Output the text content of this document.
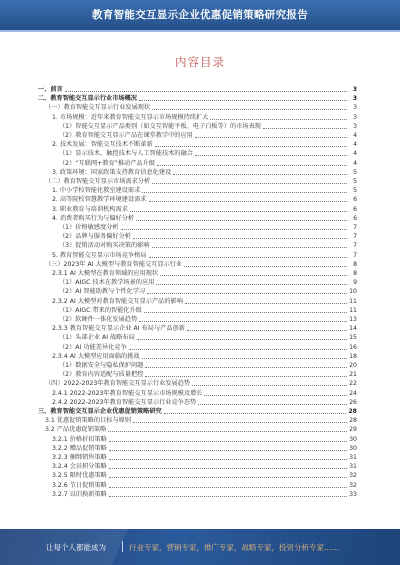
教育智能交互显示企业优惠促销策略研究报告
内容目录
一、前言	3
二、教育智能交互显示行业市场概况	3
（一）教育智能交互显示行业发展现状	3
1. 市场规模：近年来教育智能交互显示市场规模持续扩大	3
（1）智能交互显示产品类别（如交互智能平板、电子白板等）的市场表现	3
（2）教育智能交互显示产品在课堂教学中的应用	4
2. 技术发展：智能交互技术不断革新	4
（1）显示技术、触控技术与人工智能技术的融合	4
（2）“互联网+教育”推动产品升级	4
3. 政策环境：国家政策支持教育信息化建设	5
（二）教育智能交互显示市场需求分析	5
1. 中小学校智能化教室建设需求	5
2. 高等院校智慧教学环境建设需求	6
3. 职业教育与培训机构需求	6
4. 消费者购买行为与偏好分析	6
（1）价格敏感度分析	7
（2）品牌与服务偏好分析	7
（3）促销活动对购买决策的影响	7
5. 教育智能交互显示市场竞争格局	7
（三）2023年 AI 大模型与教育智能交互显示行业	8
2.3.1 AI 大模型在教育领域的应用现状	8
（1）AIGC 技术在教学场景的应用	9
（2）AI 智能助教与个性化学习	10
2.3.2 AI 大模型对教育智能交互显示产品的影响	11
（1）AIGC 带来的智能化升级	11
（2）软硬件一体化发展趋势	13
2.3.3 教育智能交互显示企业 AI 布局与产品创新	14
（1）头部企业 AI 战略布局	15
（2）AI 功能差异化竞争	16
2.3.4 AI 大模型应用面临的挑战	18
（1）数据安全与隐私保护问题	20
（2）教育内容适配与质量把控	21
（四）2022-2023年教育智能交互显示行业发展趋势	22
2.4.1 2022-2023年教育智能交互显示市场规模及增长	24
2.4.2 2022-2023年教育智能交互显示行业竞争态势	26
三、教育智能交互显示企业优惠促销策略研究	28
3.1 优惠促销策略的目标与原则	28
3.2 产品优惠促销策略	29
3.2.1 价格折扣策略	30
3.2.2 赠品促销策略	30
3.2.3 捆绑销售策略	31
3.2.4 会员积分策略	31
3.2.5 限时优惠策略	32
3.2.6 节日促销策略	32
3.2.7 以旧换新策略	33
让每个人都能成为	行业专家，营销专家，推广专家，战略专家，投资分析专家……
